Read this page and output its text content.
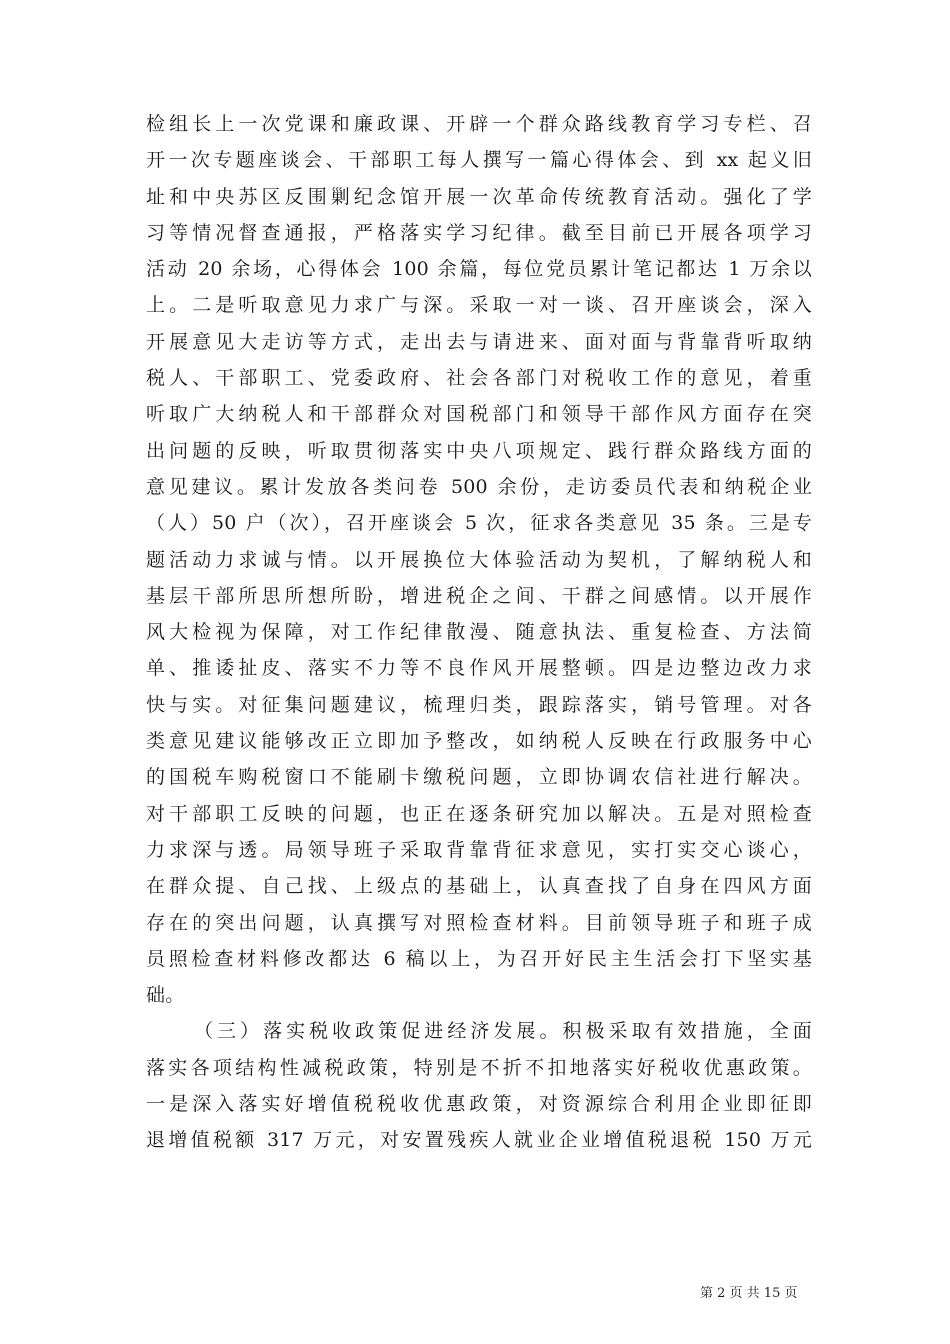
检组长上一次党课和廉政课、开辟一个群众路线教育学习专栏、召
开一次专题座谈会、干部职工每人撰写一篇心得体会、到 xx 起义旧
址和中央苏区反围剿纪念馆开展一次革命传统教育活动。强化了学
习等情况督查通报，严格落实学习纪律。截至目前已开展各项学习
活动 20 余场，心得体会 100 余篇，每位党员累计笔记都达 1 万余以
上。二是听取意见力求广与深。采取一对一谈、召开座谈会，深入
开展意见大走访等方式，走出去与请进来、面对面与背靠背听取纳
税人、干部职工、党委政府、社会各部门对税收工作的意见，着重
听取广大纳税人和干部群众对国税部门和领导干部作风方面存在突
出问题的反映，听取贯彻落实中央八项规定、践行群众路线方面的
意见建议。累计发放各类问卷 500 余份，走访委员代表和纳税企业
（人）50 户（次），召开座谈会 5 次，征求各类意见 35 条。三是专
题活动力求诚与情。以开展换位大体验活动为契机，了解纳税人和
基层干部所思所想所盼，增进税企之间、干群之间感情。以开展作
风大检视为保障，对工作纪律散漫、随意执法、重复检查、方法简
单、推诿扯皮、落实不力等不良作风开展整顿。四是边整边改力求
快与实。对征集问题建议，梳理归类，跟踪落实，销号管理。对各
类意见建议能够改正立即加予整改，如纳税人反映在行政服务中心
的国税车购税窗口不能刷卡缴税问题，立即协调农信社进行解决。
对干部职工反映的问题，也正在逐条研究加以解决。五是对照检查
力求深与透。局领导班子采取背靠背征求意见，实打实交心谈心，
在群众提、自己找、上级点的基础上，认真查找了自身在四风方面
存在的突出问题，认真撰写对照检查材料。目前领导班子和班子成
员照检查材料修改都达 6 稿以上，为召开好民主生活会打下坚实基
础。
（三）落实税收政策促进经济发展。积极采取有效措施，全面
落实各项结构性减税政策，特别是不折不扣地落实好税收优惠政策。
一是深入落实好增值税税收优惠政策，对资源综合利用企业即征即
退增值税额 317 万元，对安置残疾人就业企业增值税退税 150 万元
第 2 页 共 15 页
